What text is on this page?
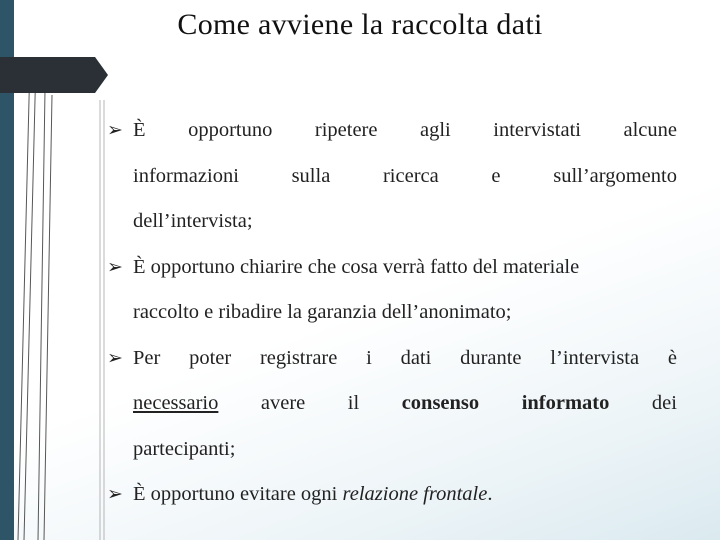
Come avviene la raccolta dati
➢ È opportuno ripetere agli intervistati alcune
informazioni	sulla	ricerca	e	sull’argomento
dell’intervista;
➢ È opportuno chiarire che cosa verrà fatto del materiale
raccolto e ribadire la garanzia dell’anonimato;
➢ Per poter registrare i dati durante l’intervista è
necessario avere il consenso informato dei
partecipanti;
➢ È opportuno evitare ogni relazione frontale.
